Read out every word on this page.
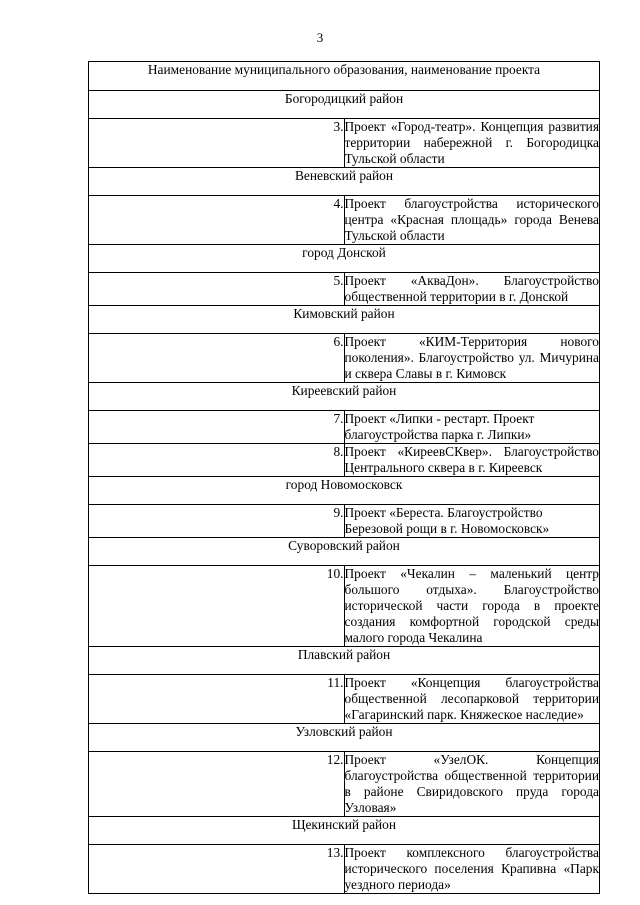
3
Наименование муниципального образования, наименование проекта	
Богородицкий район	
3.	Проект «Город-театр». Концепция развития территории набережной г. Богородицка Тульской области
Веневский район	
4.	Проект благоустройства исторического центра «Красная площадь» города Венева Тульской области
город Донской	
5.	Проект «АкваДон». Благоустройство общественной территории в г. Донской
Кимовский район	
6.	Проект «КИМ-Территория нового поколения». Благоустройство ул. Мичурина и сквера Славы в г. Кимовск
Киреевский район	
7.	Проект «Липки - рестарт. Проект благоустройства парка г. Липки»
8.	Проект «КиреевСКвер». Благоустройство Центрального сквера в г. Киреевск
город Новомосковск	
9.	Проект «Береста. Благоустройство Березовой рощи в г. Новомосковск»
Суворовский район	
10.	Проект «Чекалин – маленький центр большого отдыха». Благоустройство исторической части города в проекте создания комфортной городской среды малого города Чекалина
Плавский район	
11.	Проект «Концепция благоустройства общественной лесопарковой территории «Гагаринский парк. Княжеское наследие»
Узловский район	
12.	Проект «УзелОК. Концепция благоустройства общественной территории в районе Свиридовского пруда города Узловая»
Щекинский район	
13.	Проект комплексного благоустройства исторического поселения Крапивна «Парк уездного периода»
